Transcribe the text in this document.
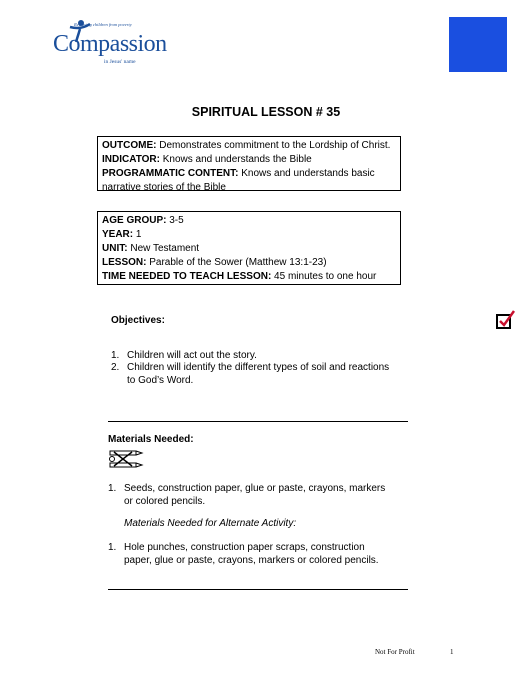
Releasing children from poverty
Compassion
in Jesus' name
SPIRITUAL LESSON # 35
OUTCOME: Demonstrates commitment to the Lordship of Christ.
INDICATOR: Knows and understands the Bible
PROGRAMMATIC CONTENT: Knows and understands basic
narrative stories of the Bible
AGE GROUP: 3-5
YEAR: 1
UNIT: New Testament
LESSON: Parable of the Sower (Matthew 13:1-23)
TIME NEEDED TO TEACH LESSON: 45 minutes to one hour
Objectives:
1. Children will act out the story.
2. Children will identify the different types of soil and reactions
to God’s Word.
Materials Needed:
1. Seeds, construction paper, glue or paste, crayons, markers
or colored pencils.
Materials Needed for Alternate Activity:
1. Hole punches, construction paper scraps, construction
paper, glue or paste, crayons, markers or colored pencils.
Not For Profit	1
